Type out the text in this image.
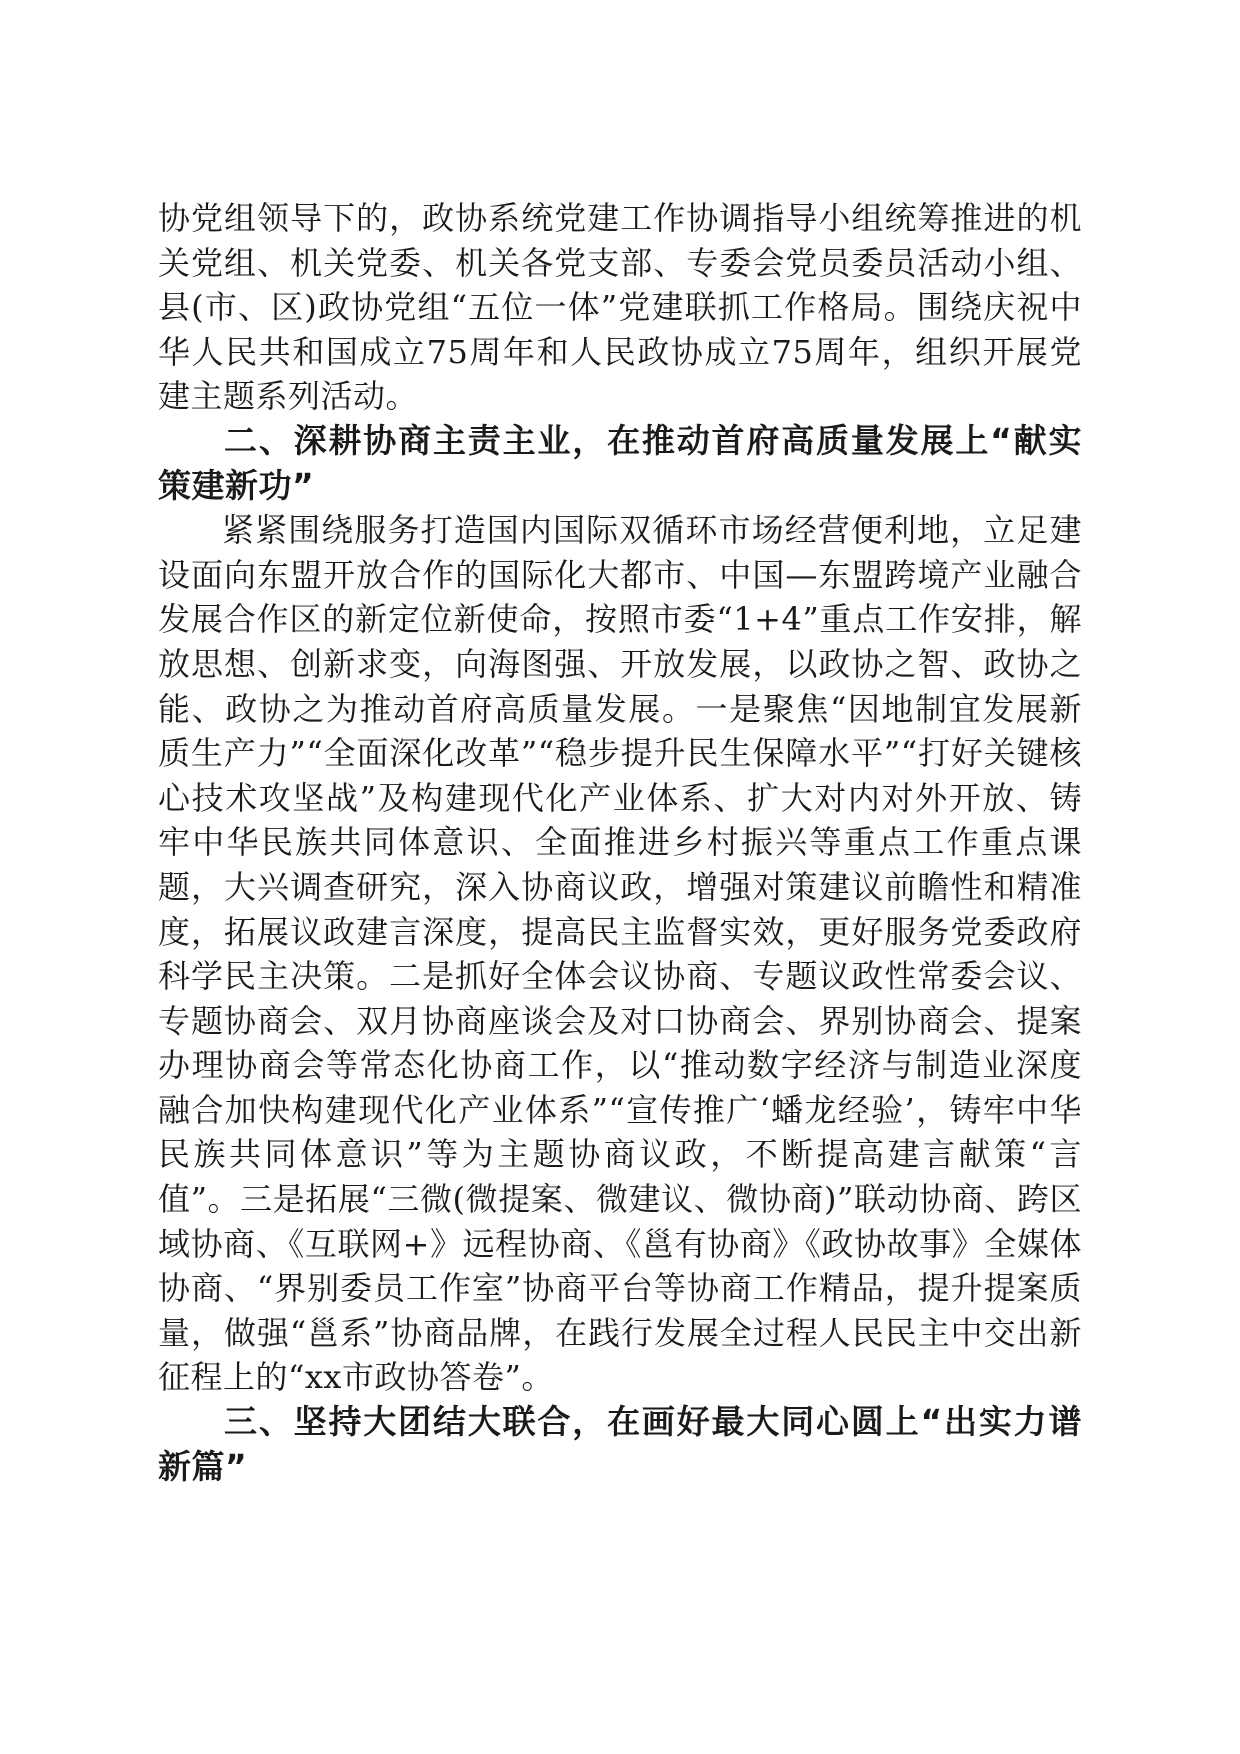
协党组领导下的，政协系统党建工作协调指导小组统筹推进的机关党组、机关党委、机关各党支部、专委会党员委员活动小组、县(市、区)政协党组“五位一体”党建联抓工作格局。围绕庆祝中华人民共和国成立75周年和人民政协成立75周年，组织开展党建主题系列活动。

二、深耕协商主责主业，在推动首府高质量发展上“献实策建新功”

紧紧围绕服务打造国内国际双循环市场经营便利地，立足建设面向东盟开放合作的国际化大都市、中国—东盟跨境产业融合发展合作区的新定位新使命，按照市委“1+4”重点工作安排，解放思想、创新求变，向海图强、开放发展，以政协之智、政协之能、政协之为推动首府高质量发展。一是聚焦“因地制宜发展新质生产力”“全面深化改革”“稳步提升民生保障水平”“打好关键核心技术攻坚战”及构建现代化产业体系、扩大对内对外开放、铸牢中华民族共同体意识、全面推进乡村振兴等重点工作重点课题，大兴调查研究，深入协商议政，增强对策建议前瞻性和精准度，拓展议政建言深度，提高民主监督实效，更好服务党委政府科学民主决策。二是抓好全体会议协商、专题议政性常委会议、专题协商会、双月协商座谈会及对口协商会、界别协商会、提案办理协商会等常态化协商工作，以“推动数字经济与制造业深度融合加快构建现代化产业体系”“宣传推广‘蟠龙经验’，铸牢中华民族共同体意识”等为主题协商议政，不断提高建言献策“言值”。三是拓展“三微(微提案、微建议、微协商)”联动协商、跨区域协商、《互联网+》远程协商、《邕有协商》《政协故事》全媒体协商、“界别委员工作室”协商平台等协商工作精品，提升提案质量，做强“邕系”协商品牌，在践行发展全过程人民民主中交出新征程上的“xx市政协答卷”。

三、坚持大团结大联合，在画好最大同心圆上“出实力谱新篇”
